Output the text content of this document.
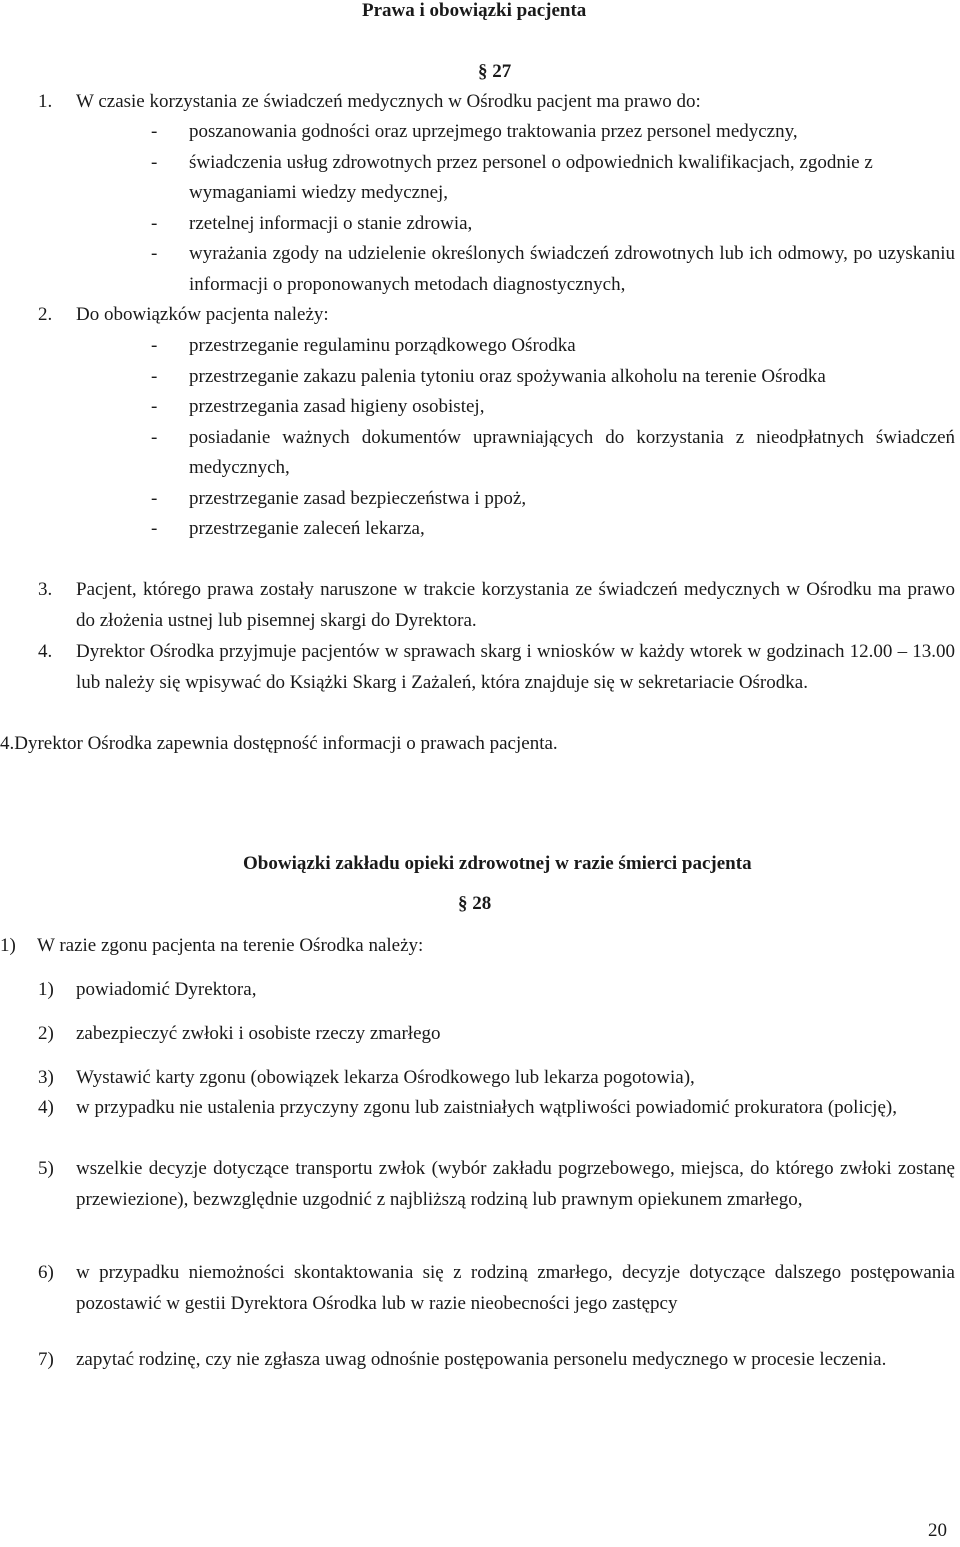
Prawa i obowiązki pacjenta
§ 27
1. W czasie korzystania ze świadczeń medycznych w Ośrodku pacjent ma prawo do:
- poszanowania godności oraz uprzejmego traktowania przez personel medyczny,
- świadczenia usług zdrowotnych przez personel o odpowiednich kwalifikacjach, zgodnie z wymaganiami wiedzy medycznej,
- rzetelnej informacji o stanie zdrowia,
- wyrażania zgody na udzielenie określonych świadczeń zdrowotnych lub ich odmowy, po uzyskaniu informacji o proponowanych metodach diagnostycznych,
2. Do obowiązków pacjenta należy:
- przestrzeganie regulaminu porządkowego Ośrodka
- przestrzeganie zakazu palenia tytoniu oraz spożywania alkoholu na terenie Ośrodka
- przestrzegania zasad higieny osobistej,
- posiadanie ważnych dokumentów uprawniających do korzystania z nieodpłatnych świadczeń medycznych,
- przestrzeganie zasad bezpieczeństwa i ppoż,
- przestrzeganie zaleceń lekarza,
3. Pacjent, którego prawa zostały naruszone w trakcie korzystania ze świadczeń medycznych w Ośrodku ma prawo do złożenia ustnej lub pisemnej skargi do Dyrektora.
4. Dyrektor Ośrodka przyjmuje pacjentów w sprawach skarg i wniosków w każdy wtorek w godzinach 12.00 – 13.00 lub należy się wpisywać do Książki Skarg i Zażaleń, która znajduje się w sekretariacie Ośrodka.
4.Dyrektor Ośrodka zapewnia dostępność informacji o prawach pacjenta.
Obowiązki zakładu opieki zdrowotnej w razie śmierci pacjenta
§ 28
1) W razie zgonu pacjenta na terenie Ośrodka należy:
1) powiadomić Dyrektora,
2) zabezpieczyć zwłoki i osobiste rzeczy zmarłego
3) Wystawić karty zgonu (obowiązek lekarza Ośrodkowego lub lekarza pogotowia),
4) w przypadku nie ustalenia przyczyny zgonu lub zaistniałych wątpliwości powiadomić prokuratora (policję),
5) wszelkie decyzje dotyczące transportu zwłok (wybór zakładu pogrzebowego, miejsca, do którego zwłoki zostanę przewiezione), bezwzględnie uzgodnić z najbliższą rodziną lub prawnym opiekunem zmarłego,
6) w przypadku niemożności skontaktowania się z rodziną zmarłego, decyzje dotyczące dalszego postępowania pozostawić w gestii Dyrektora Ośrodka lub w razie nieobecności jego zastępcy
7) zapytać rodzinę, czy nie zgłasza uwag odnośnie postępowania personelu medycznego w procesie leczenia.
20
